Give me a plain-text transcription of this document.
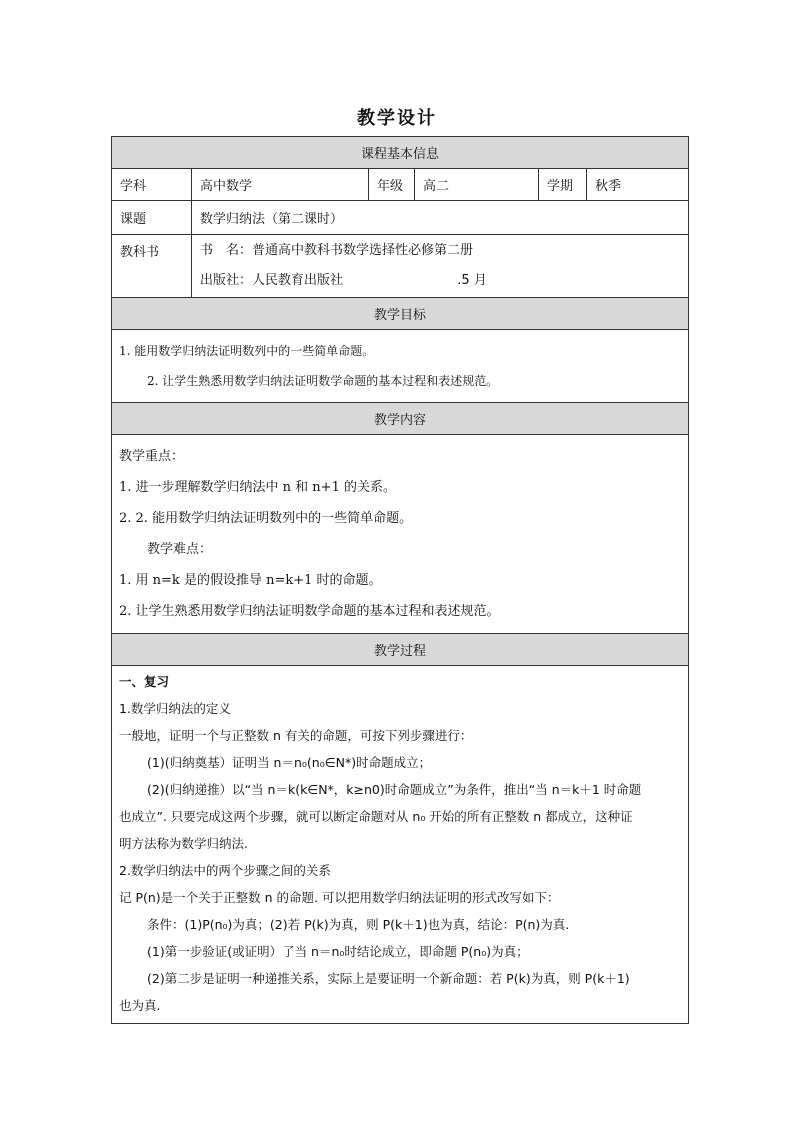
教学设计
课程基本信息
学科	高中数学	年级	高二	学期	秋季
课题	数学归纳法（第二课时）
教科书	书　名：普通高中教科书数学选择性必修第二册
出版社：人民教育出版社	.5 月
教学目标
1. 能用数学归纳法证明数列中的一些简单命题。
2. 让学生熟悉用数学归纳法证明数学命题的基本过程和表述规范。
教学内容
教学重点：
1. 进一步理解数学归纳法中 n 和 n+1 的关系。
2. 2. 能用数学归纳法证明数列中的一些简单命题。
教学难点：
1. 用 n=k 是的假设推导 n=k+1 时的命题。
2. 让学生熟悉用数学归纳法证明数学命题的基本过程和表述规范。
教学过程
一、复习
1.数学归纳法的定义
一般地，证明一个与正整数 n 有关的命题，可按下列步骤进行：
(1)(归纳奠基）证明当 n＝n₀(n₀∈N*)时命题成立；
(2)(归纳递推）以“当 n＝k(k∈N*，k≥n0)时命题成立”为条件，推出“当 n＝k＋1 时命题
也成立”. 只要完成这两个步骤，就可以断定命题对从 n₀ 开始的所有正整数 n 都成立，这种证
明方法称为数学归纳法.
2.数学归纳法中的两个步骤之间的关系
记 P(n)是一个关于正整数 n 的命题. 可以把用数学归纳法证明的形式改写如下：
条件：(1)P(n₀)为真；(2)若 P(k)为真，则 P(k＋1)也为真，结论：P(n)为真.
(1)第一步验证(或证明）了当 n＝n₀时结论成立，即命题 P(n₀)为真；
(2)第二步是证明一种递推关系，实际上是要证明一个新命题：若 P(k)为真，则 P(k＋1)
也为真.
